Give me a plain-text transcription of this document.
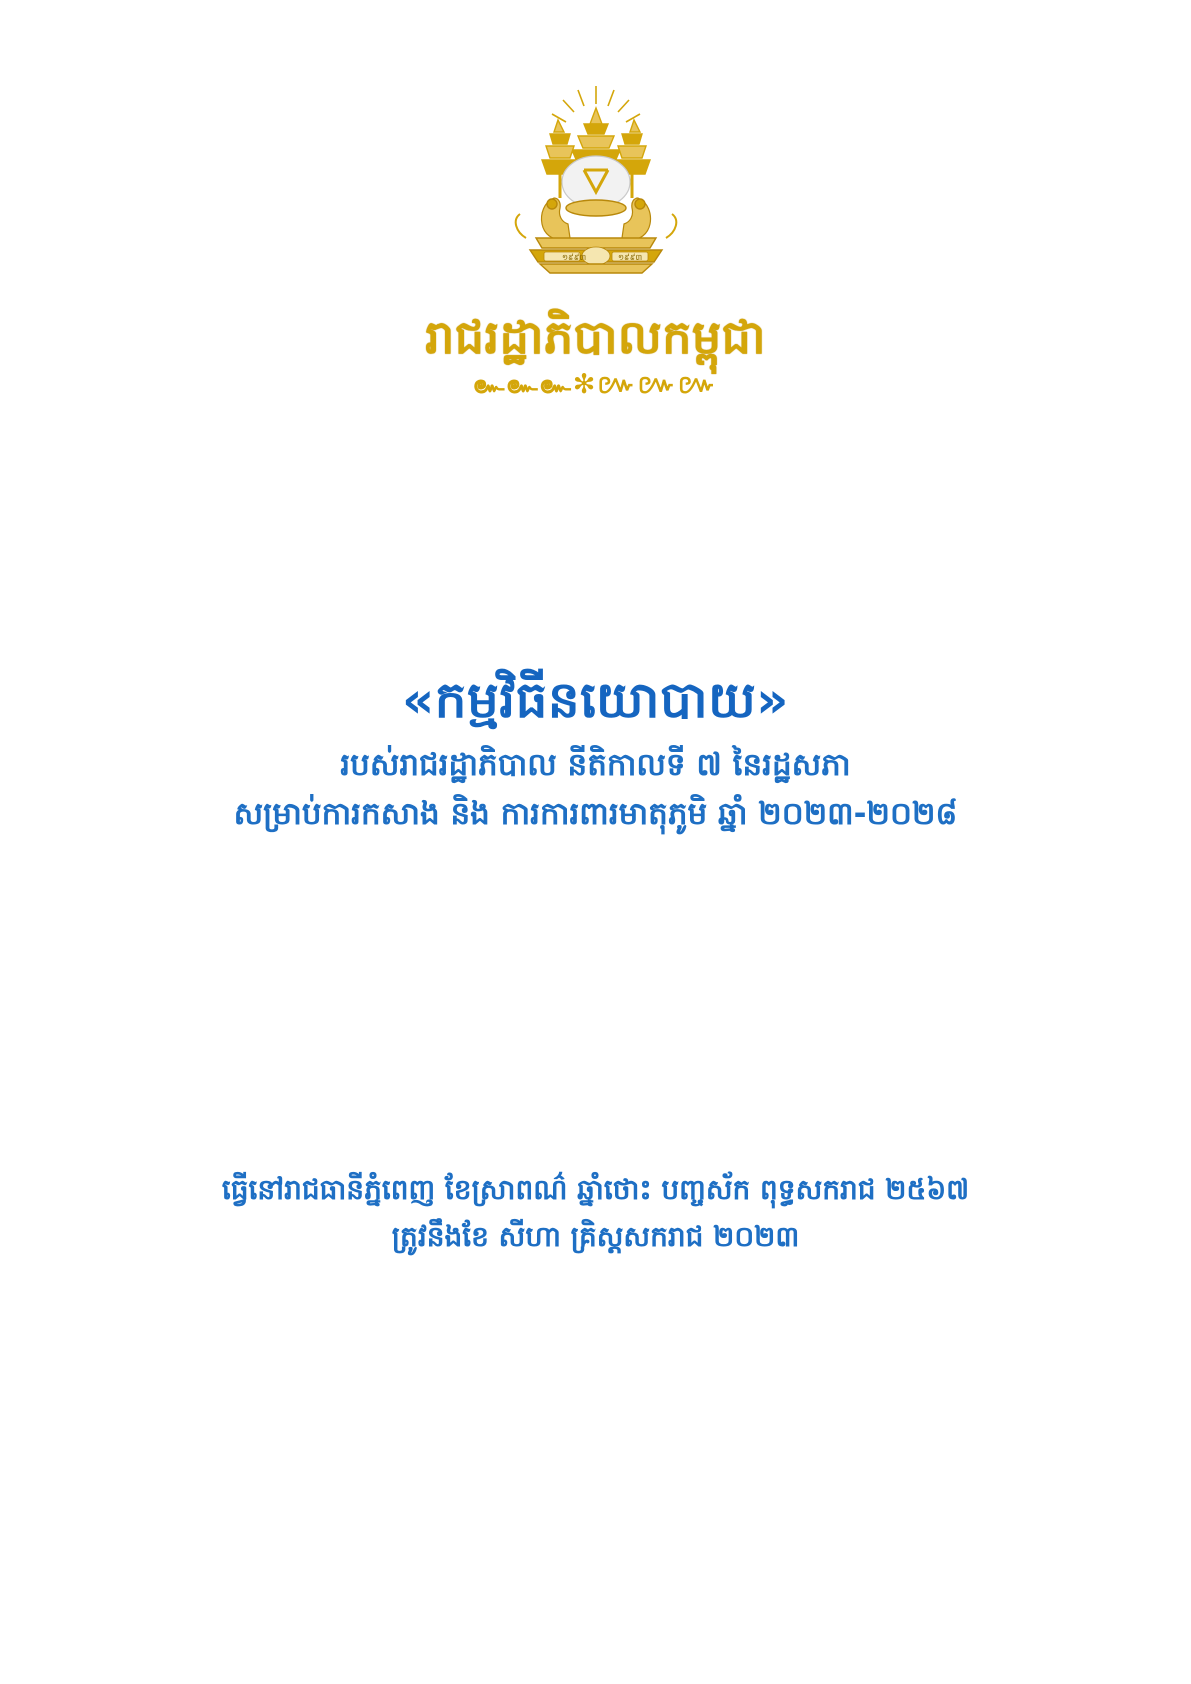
១៩៩៣	១៩៩៣
រាជរដ្ឋាភិបាលកម្ពុជា
๛๛๛✻៚៚៚
«កម្មវិធីនយោបាយ»
របស់រាជរដ្ឋាភិបាល នីតិកាលទី ៧ នៃរដ្ឋសភា
សម្រាប់ការកសាង និង ការការពារមាតុភូមិ ឆ្នាំ ២០២៣-២០២៨
ធ្វើនៅរាជធានីភ្នំពេញ ខែស្រាពណ៌ ឆ្នាំថោះ បញ្ចស័ក ពុទ្ធសករាជ ២៥៦៧
ត្រូវនឹងខែ សីហា គ្រិស្តសករាជ ២០២៣
